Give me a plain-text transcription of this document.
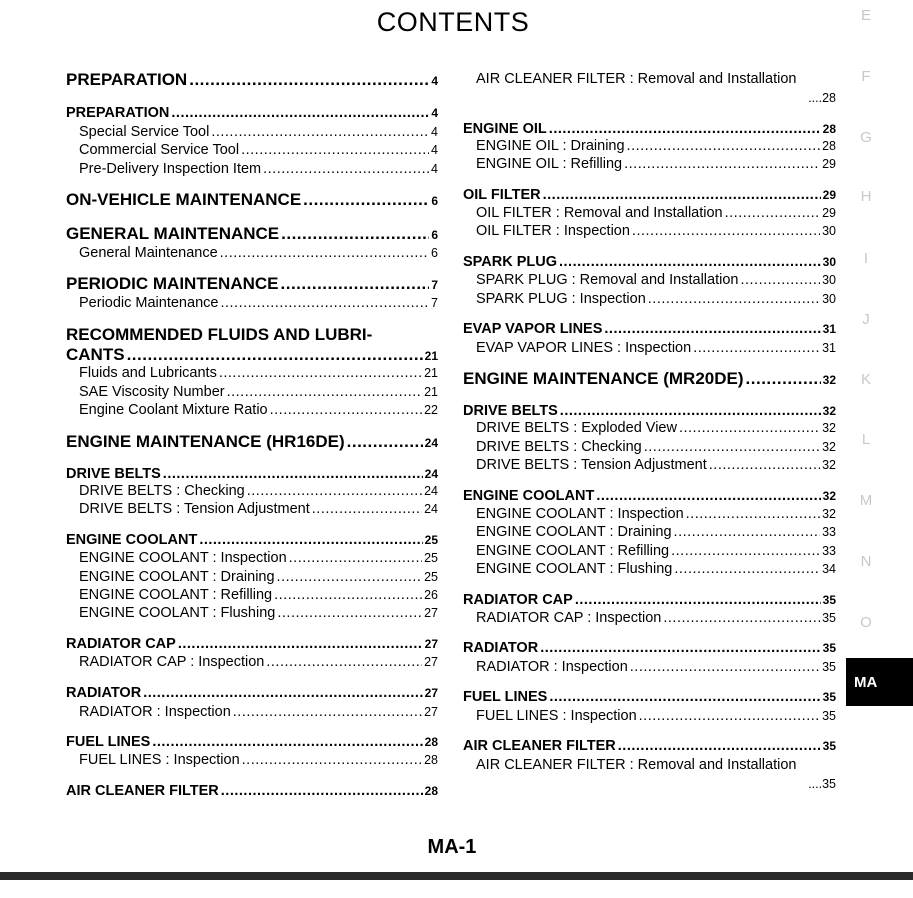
CONTENTS
PREPARATION .....	4
PREPARATION .....	4
Special Service Tool .....	4
Commercial Service Tool .....	4
Pre-Delivery Inspection Item .....	4
ON-VEHICLE MAINTENANCE .....	6
GENERAL MAINTENANCE .....	6
General Maintenance .....	6
PERIODIC MAINTENANCE .....	7
Periodic Maintenance .....	7
RECOMMENDED FLUIDS AND LUBRI-
CANTS .....	21
Fluids and Lubricants .....	21
SAE Viscosity Number .....	21
Engine Coolant Mixture Ratio .....	22
ENGINE MAINTENANCE (HR16DE) .....	24
DRIVE BELTS .....	24
DRIVE BELTS : Checking .....	24
DRIVE BELTS : Tension Adjustment .....	24
ENGINE COOLANT .....	25
ENGINE COOLANT : Inspection .....	25
ENGINE COOLANT : Draining .....	25
ENGINE COOLANT : Refilling .....	26
ENGINE COOLANT : Flushing .....	27
RADIATOR CAP .....	27
RADIATOR CAP : Inspection .....	27
RADIATOR .....	27
RADIATOR : Inspection .....	27
FUEL LINES .....	28
FUEL LINES : Inspection .....	28
AIR CLEANER FILTER .....	28
AIR CLEANER FILTER : Removal and Installation
.... 28
ENGINE OIL .....	28
ENGINE OIL : Draining .....	28
ENGINE OIL : Refilling .....	29
OIL FILTER .....	29
OIL FILTER : Removal and Installation .....	29
OIL FILTER : Inspection .....	30
SPARK PLUG .....	30
SPARK PLUG : Removal and Installation .....	30
SPARK PLUG : Inspection .....	30
EVAP VAPOR LINES .....	31
EVAP VAPOR LINES : Inspection .....	31
ENGINE MAINTENANCE (MR20DE) .....	32
DRIVE BELTS .....	32
DRIVE BELTS : Exploded View .....	32
DRIVE BELTS : Checking .....	32
DRIVE BELTS : Tension Adjustment .....	32
ENGINE COOLANT .....	32
ENGINE COOLANT : Inspection .....	32
ENGINE COOLANT : Draining .....	33
ENGINE COOLANT : Refilling .....	33
ENGINE COOLANT : Flushing .....	34
RADIATOR CAP .....	35
RADIATOR CAP : Inspection .....	35
RADIATOR .....	35
RADIATOR : Inspection .....	35
FUEL LINES .....	35
FUEL LINES : Inspection .....	35
AIR CLEANER FILTER .....	35
AIR CLEANER FILTER : Removal and Installation
.... 35
E
F
G
H
I
J
K
L
M
N
O
MA
MA-1
